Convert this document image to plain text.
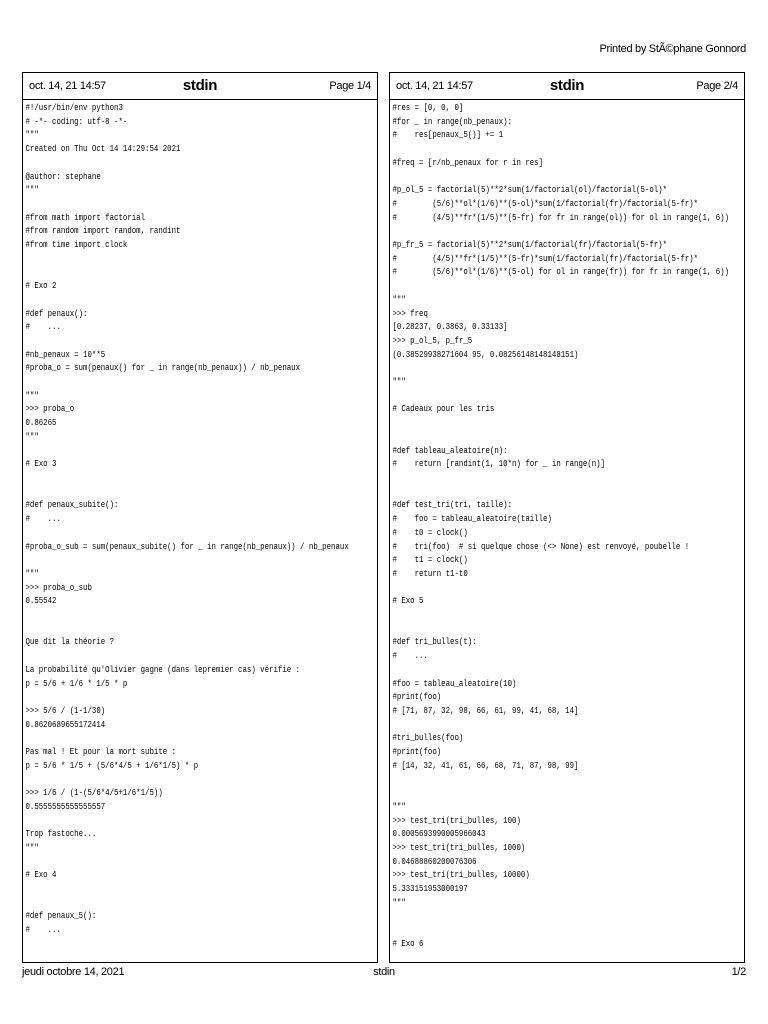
Printed by StÃ©phane Gonnord
oct. 14, 21 14:57	stdin	Page 1/4
#!/usr/bin/env python3
# -*- coding: utf-8 -*-
"""
Created on Thu Oct 14 14:29:54 2021

@author: stephane
"""

#from math import factorial
#from random import random, randint
#from time import clock

# Exo 2

#def penaux():
#    ...

#nb_penaux = 10**5
#proba_o = sum(penaux() for _ in range(nb_penaux)) / nb_penaux

"""
>>> proba_o
0.86265
"""

# Exo 3

#def penaux_subite():
#    ...

#proba_o_sub = sum(penaux_subite() for _ in range(nb_penaux)) / nb_penaux

"""
>>> proba_o_sub
0.55542

Que dit la théorie ?

La probabilité qu'Olivier gagne (dans lepremier cas) vérifie :
p = 5/6 + 1/6 * 1/5 * p

>>> 5/6 / (1-1/30)
0.8620689655172414

Pas mal ! Et pour la mort subite :
p = 5/6 * 1/5 + (5/6*4/5 + 1/6*1/5) * p

>>> 1/6 / (1-(5/6*4/5+1/6*1/5))
0.5555555555555557

Trop fastoche...
"""

# Exo 4

#def penaux_5():
#    ...
oct. 14, 21 14:57	stdin	Page 2/4
#res = [0, 0, 0]
#for _ in range(nb_penaux):
#    res[penaux_5()] += 1

#freq = [r/nb_penaux for r in res]

#p_ol_5 = factorial(5)**2*sum(1/factorial(ol)/factorial(5-ol)*
#        (5/6)**ol*(1/6)**(5-ol)*sum(1/factorial(fr)/factorial(5-fr)*
#        (4/5)**fr*(1/5)**(5-fr) for fr in range(ol)) for ol in range(1, 6))

#p_fr_5 = factorial(5)**2*sum(1/factorial(fr)/factorial(5-fr)*
#        (4/5)**fr*(1/5)**(5-fr)*sum(1/factorial(fr)/factorial(5-fr)*
#        (5/6)**ol*(1/6)**(5-ol) for ol in range(fr)) for fr in range(1, 6))

"""
>>> freq
[0.28237, 0.3863, 0.33133]
>>> p_ol_5, p_fr_5
(0.38529938271604 95, 0.08256148148148151)

"""

# Cadeaux pour les tris

#def tableau_aleatoire(n):
#    return [randint(1, 10*n) for _ in range(n)]

#def test_tri(tri, taille):
#    foo = tableau_aleatoire(taille)
#    t0 = clock()
#    tri(foo)  # si quelque chose (<> None) est renvoyé, poubelle !
#    t1 = clock()
#    return t1-t0

# Exo 5

#def tri_bulles(t):
#    ...

#foo = tableau_aleatoire(10)
#print(foo)
# [71, 87, 32, 98, 66, 61, 99, 41, 68, 14]

#tri_bulles(foo)
#print(foo)
# [14, 32, 41, 61, 66, 68, 71, 87, 98, 99]

"""
>>> test_tri(tri_bulles, 100)
0.0005693990005966043
>>> test_tri(tri_bulles, 1000)
0.04688860200076306
>>> test_tri(tri_bulles, 10000)
5.333151953000197
"""

# Exo 6
jeudi octobre 14, 2021	stdin	1/2
